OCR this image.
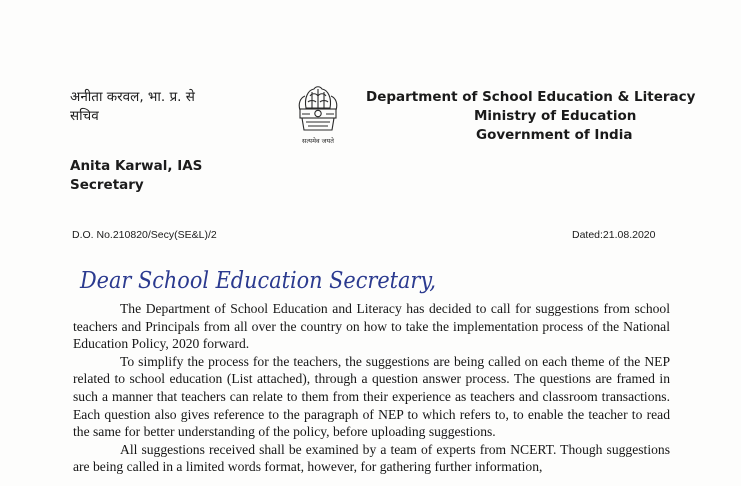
अनीता करवल, भा. प्र. से
सचिव
सत्यमेव जयते
Department of School Education & Literacy
Ministry of Education
Government of India
Anita Karwal, IAS
Secretary
D.O. No.210820/Secy(SE&L)/2	Dated:21.08.2020
Dear School Education Secretary,

The Department of School Education and Literacy has decided to call for suggestions from school teachers and Principals from all over the country on how to take the implementation process of the National Education Policy, 2020 forward.

To simplify the process for the teachers, the suggestions are being called on each theme of the NEP related to school education (List attached), through a question answer process. The questions are framed in such a manner that teachers can relate to them from their experience as teachers and classroom transactions. Each question also gives reference to the paragraph of NEP to which refers to, to enable the teacher to read the same for better understanding of the policy, before uploading suggestions.

All suggestions received shall be examined by a team of experts from NCERT. Though suggestions are being called in a limited words format, however, for gathering further information,
